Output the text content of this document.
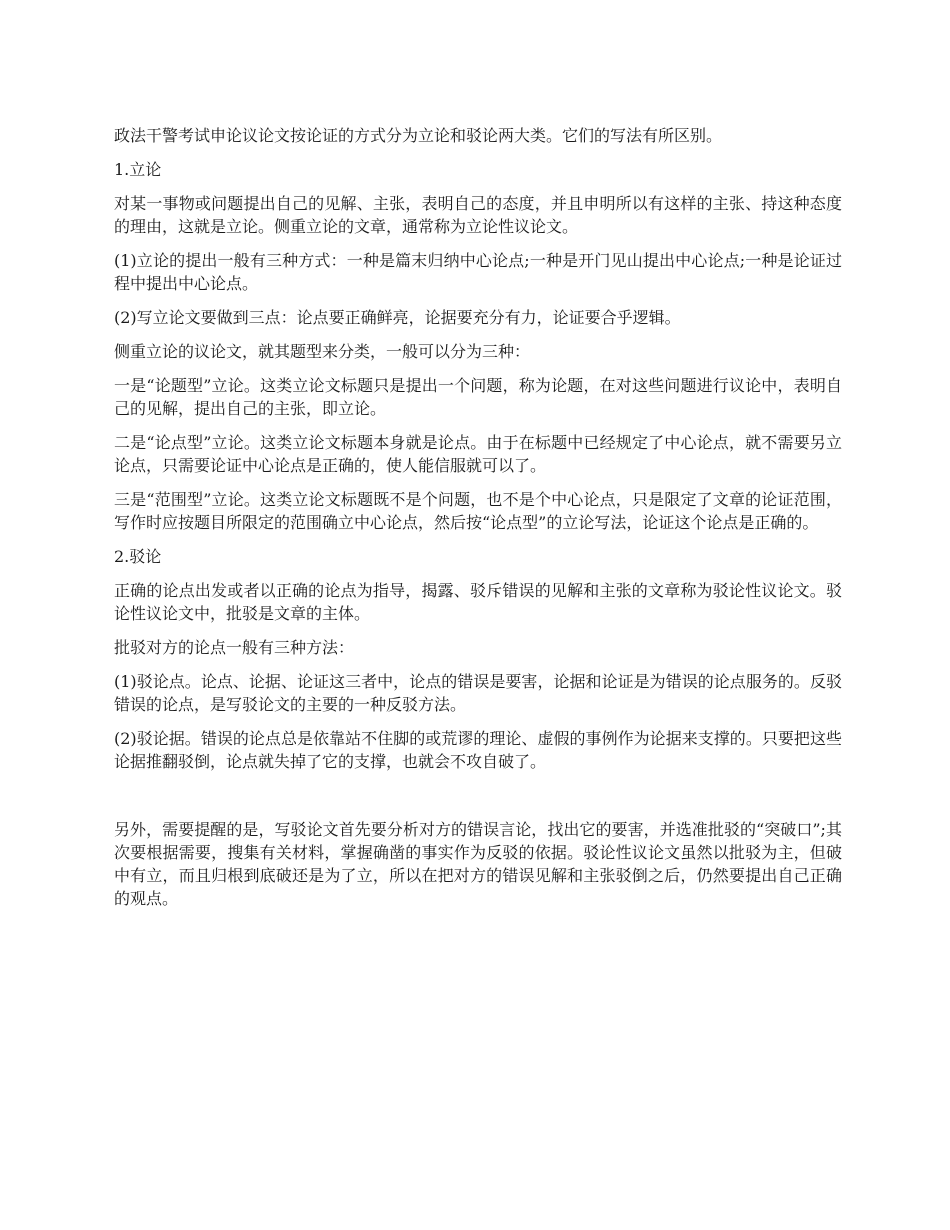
政法干警考试申论议论文按论证的方式分为立论和驳论两大类。它们的写法有所区别。

1.立论

对某一事物或问题提出自己的见解、主张，表明自己的态度，并且申明所以有这样的主张、持这种态度的理由，这就是立论。侧重立论的文章，通常称为立论性议论文。

(1)立论的提出一般有三种方式：一种是篇末归纳中心论点;一种是开门见山提出中心论点;一种是论证过程中提出中心论点。

(2)写立论文要做到三点：论点要正确鲜亮，论据要充分有力，论证要合乎逻辑。

侧重立论的议论文，就其题型来分类，一般可以分为三种：

一是“论题型”立论。这类立论文标题只是提出一个问题，称为论题，在对这些问题进行议论中，表明自己的见解，提出自己的主张，即立论。

二是“论点型”立论。这类立论文标题本身就是论点。由于在标题中已经规定了中心论点，就不需要另立论点，只需要论证中心论点是正确的，使人能信服就可以了。

三是“范围型”立论。这类立论文标题既不是个问题，也不是个中心论点，只是限定了文章的论证范围，写作时应按题目所限定的范围确立中心论点，然后按“论点型”的立论写法，论证这个论点是正确的。

2.驳论

正确的论点出发或者以正确的论点为指导，揭露、驳斥错误的见解和主张的文章称为驳论性议论文。驳论性议论文中，批驳是文章的主体。

批驳对方的论点一般有三种方法：

(1)驳论点。论点、论据、论证这三者中，论点的错误是要害，论据和论证是为错误的论点服务的。反驳错误的论点，是写驳论文的主要的一种反驳方法。

(2)驳论据。错误的论点总是依靠站不住脚的或荒谬的理论、虚假的事例作为论据来支撑的。只要把这些论据推翻驳倒，论点就失掉了它的支撑，也就会不攻自破了。

另外，需要提醒的是，写驳论文首先要分析对方的错误言论，找出它的要害，并选准批驳的“突破口”;其次要根据需要，搜集有关材料，掌握确凿的事实作为反驳的依据。驳论性议论文虽然以批驳为主，但破中有立，而且归根到底破还是为了立，所以在把对方的错误见解和主张驳倒之后，仍然要提出自己正确的观点。
